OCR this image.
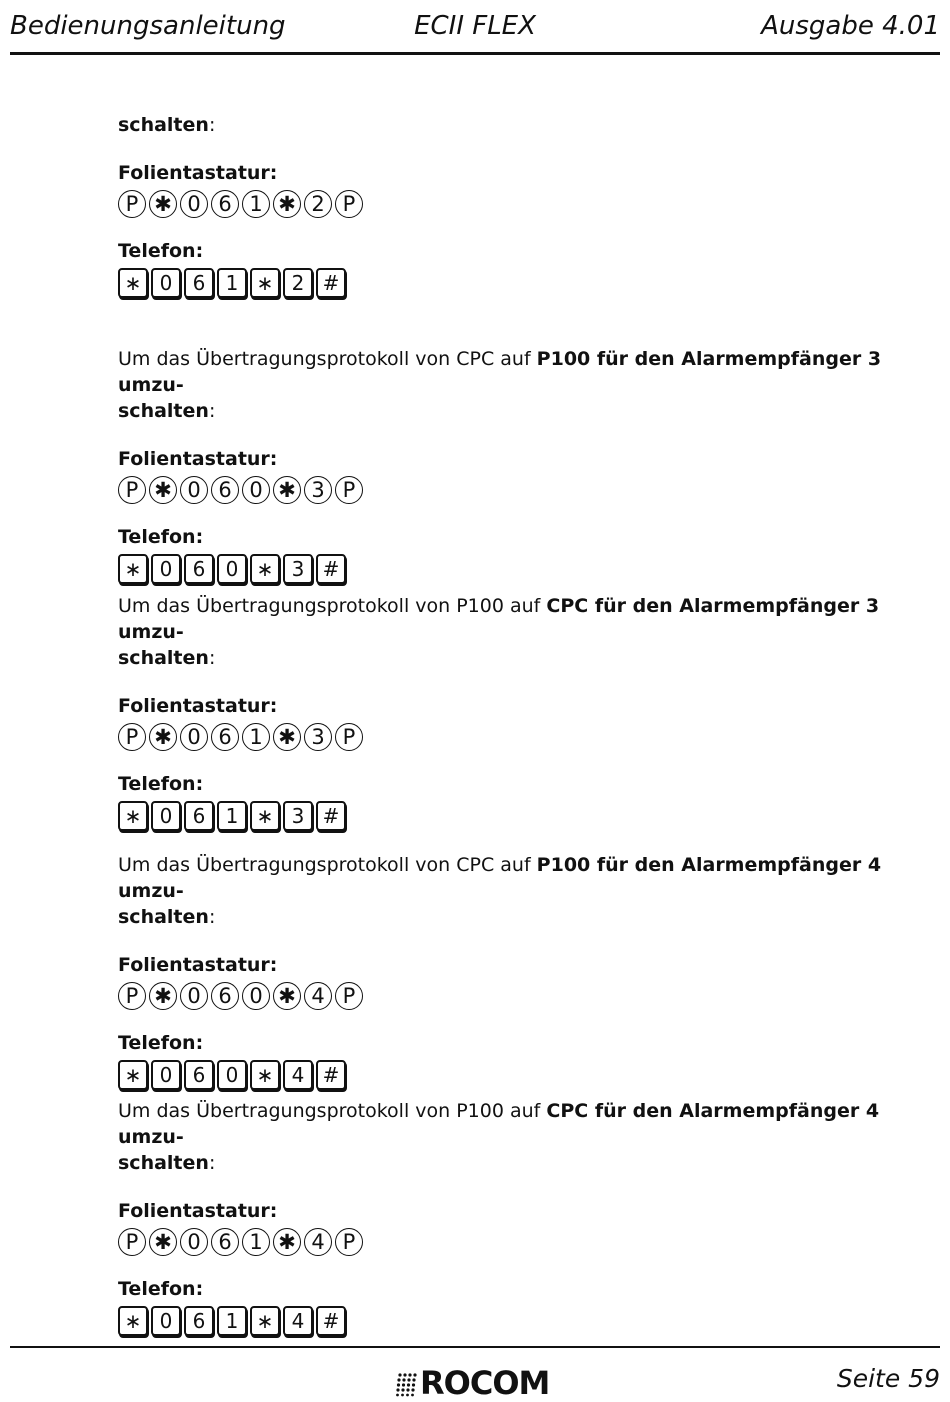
Bedienungsanleitung	ECII FLEX	Ausgabe 4.01

schalten:

Folientastatur:
P ✱ 0 6 1 ✱ 2 P
Telefon:
∗ 0	6	1 ∗ 2 #

Um das Übertragungsprotokoll von CPC auf P100 für den Alarmempfänger 3 umzu-
schalten:

Folientastatur:
P ✱ 0 6 0 ✱ 3 P
Telefon:
∗ 0	6	0 ∗ 3 #

Um das Übertragungsprotokoll von P100 auf CPC für den Alarmempfänger 3 umzu-
schalten:

Folientastatur:
P ✱ 0 6 1 ✱ 3 P
Telefon:
∗ 0	6	1 ∗ 3 #

Um das Übertragungsprotokoll von CPC auf P100 für den Alarmempfänger 4 umzu-
schalten:

Folientastatur:
P ✱ 0 6 0 ✱ 4 P
Telefon:
∗ 0	6	0 ∗ 4 #

Um das Übertragungsprotokoll von P100 auf CPC für den Alarmempfänger 4 umzu-
schalten:

Folientastatur:
P ✱ 0 6 1 ✱ 4 P
Telefon:
∗ 0	6	1 ∗ 4 #
ROCOM	Seite 59
